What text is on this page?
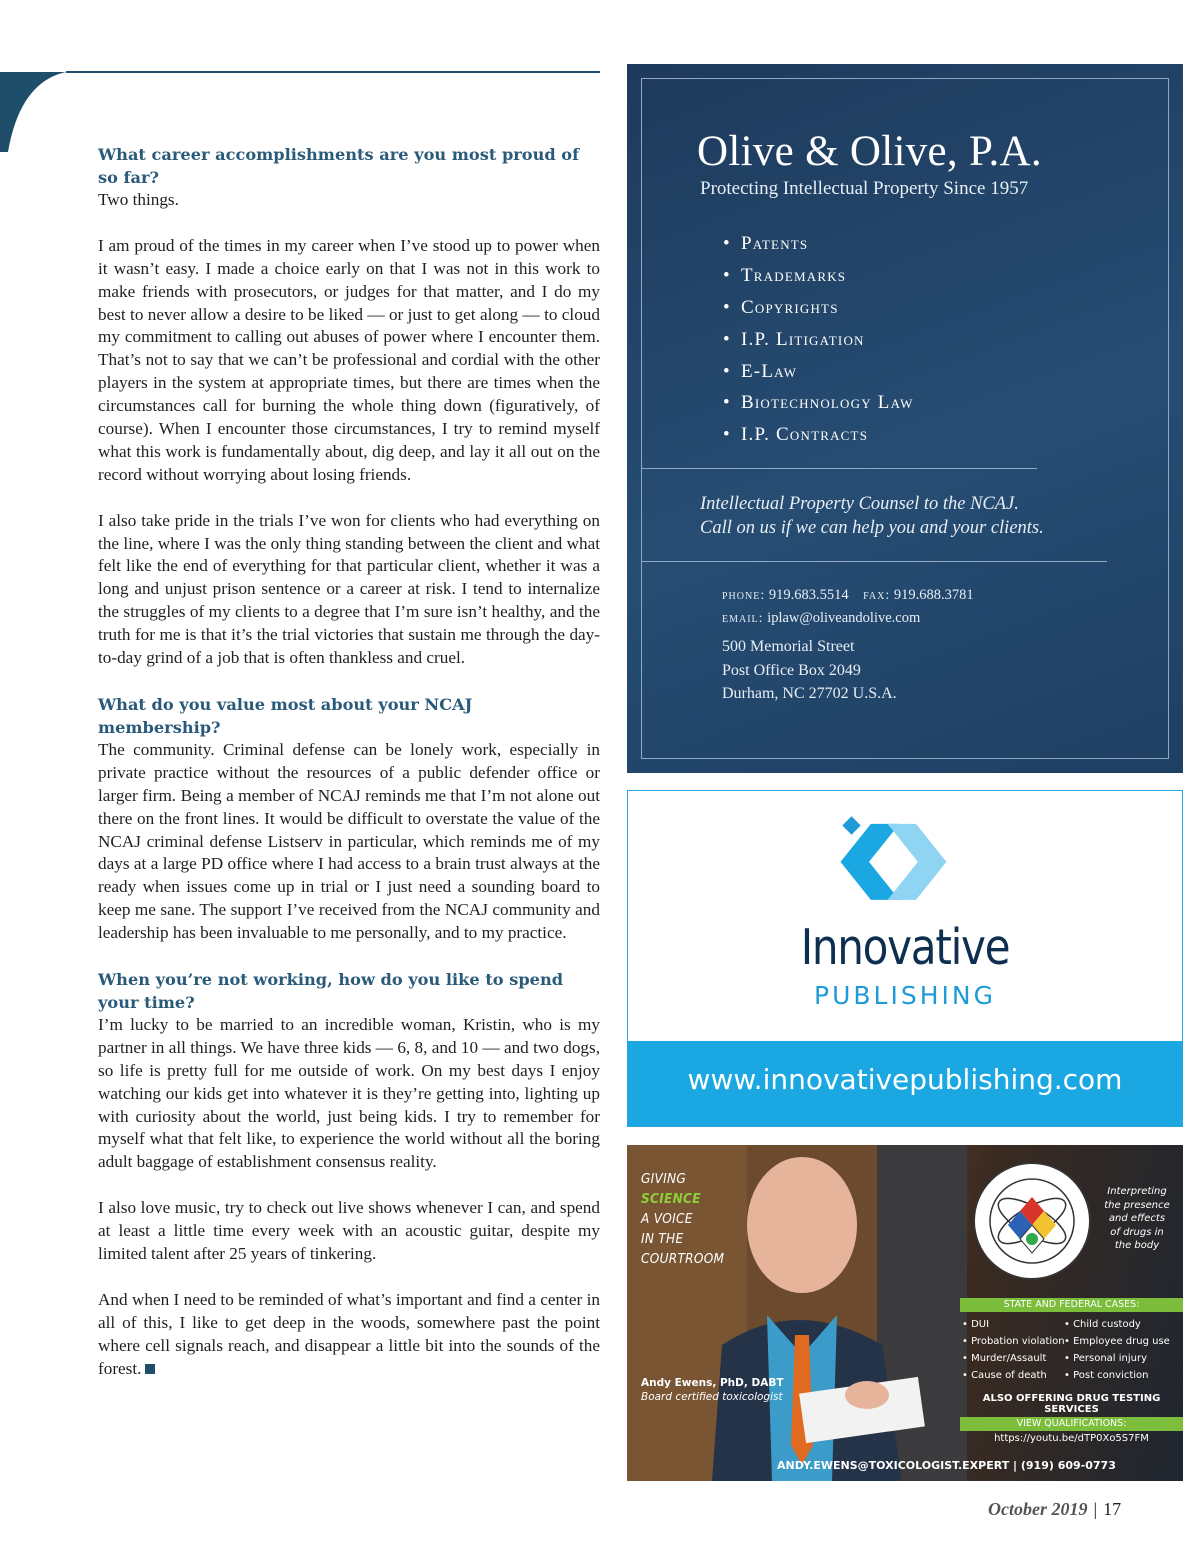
What career accomplishments are you most proud of so far?

Two things.

I am proud of the times in my career when I’ve stood up to power when it wasn’t easy. I made a choice early on that I was not in this work to make friends with prosecutors, or judges for that matter, and I do my best to never allow a desire to be liked — or just to get along — to cloud my commitment to calling out abuses of power where I encounter them. That’s not to say that we can’t be professional and cordial with the other players in the system at appropriate times, but there are times when the circumstances call for burning the whole thing down (figuratively, of course). When I encounter those circumstances, I try to remind myself what this work is fundamentally about, dig deep, and lay it all out on the record without worrying about losing friends.

I also take pride in the trials I’ve won for clients who had everything on the line, where I was the only thing standing between the client and what felt like the end of everything for that particular client, whether it was a long and unjust prison sentence or a career at risk. I tend to internalize the struggles of my clients to a degree that I’m sure isn’t healthy, and the truth for me is that it’s the trial victories that sustain me through the day-to-day grind of a job that is often thankless and cruel.

What do you value most about your NCAJ membership?

The community. Criminal defense can be lonely work, especially in private practice without the resources of a public defender office or larger firm. Being a member of NCAJ reminds me that I’m not alone out there on the front lines. It would be difficult to overstate the value of the NCAJ criminal defense Listserv in particular, which reminds me of my days at a large PD office where I had access to a brain trust always at the ready when issues come up in trial or I just need a sounding board to keep me sane. The support I’ve received from the NCAJ community and leadership has been invaluable to me personally, and to my practice.

When you’re not working, how do you like to spend your time?

I’m lucky to be married to an incredible woman, Kristin, who is my partner in all things. We have three kids — 6, 8, and 10 — and two dogs, so life is pretty full for me outside of work. On my best days I enjoy watching our kids get into whatever it is they’re getting into, lighting up with curiosity about the world, just being kids. I try to remember for myself what that felt like, to experience the world without all the boring adult baggage of establishment consensus reality.

I also love music, try to check out live shows whenever I can, and spend at least a little time every week with an acoustic guitar, despite my limited talent after 25 years of tinkering.

And when I need to be reminded of what’s important and find a center in all of this, I like to get deep in the woods, somewhere past the point where cell signals reach, and disappear a little bit into the sounds of the forest.

Olive & Olive, P.A.
Protecting Intellectual Property Since 1957
• Patents
• Trademarks
• Copyrights
• I.P. Litigation
• E-Law
• Biotechnology Law
• I.P. Contracts
Intellectual Property Counsel to the NCAJ.
Call on us if we can help you and your clients.
phone: 919.683.5514 fax: 919.688.3781
email: iplaw@oliveandolive.com
500 Memorial Street
Post Office Box 2049
Durham, NC 27702 U.S.A.
Innovative
PUBLISHING
www.innovativepublishing.com
GIVING
SCIENCE
A VOICE
IN THE
COURTROOM
Andy Ewens, PhD, DABT
Board certified toxicologist
Interpreting
the presence
and effects
of drugs in
the body
STATE AND FEDERAL CASES:
• DUI
• Probation violation
• Murder/Assault
• Cause of death
• Child custody
• Employee drug use
• Personal injury
• Post conviction
ALSO OFFERING DRUG TESTING SERVICES
VIEW QUALIFICATIONS:
https://youtu.be/dTP0Xo5S7FM
ANDY.EWENS@TOXICOLOGIST.EXPERT | (919) 609-0773
October 2019 | 17
